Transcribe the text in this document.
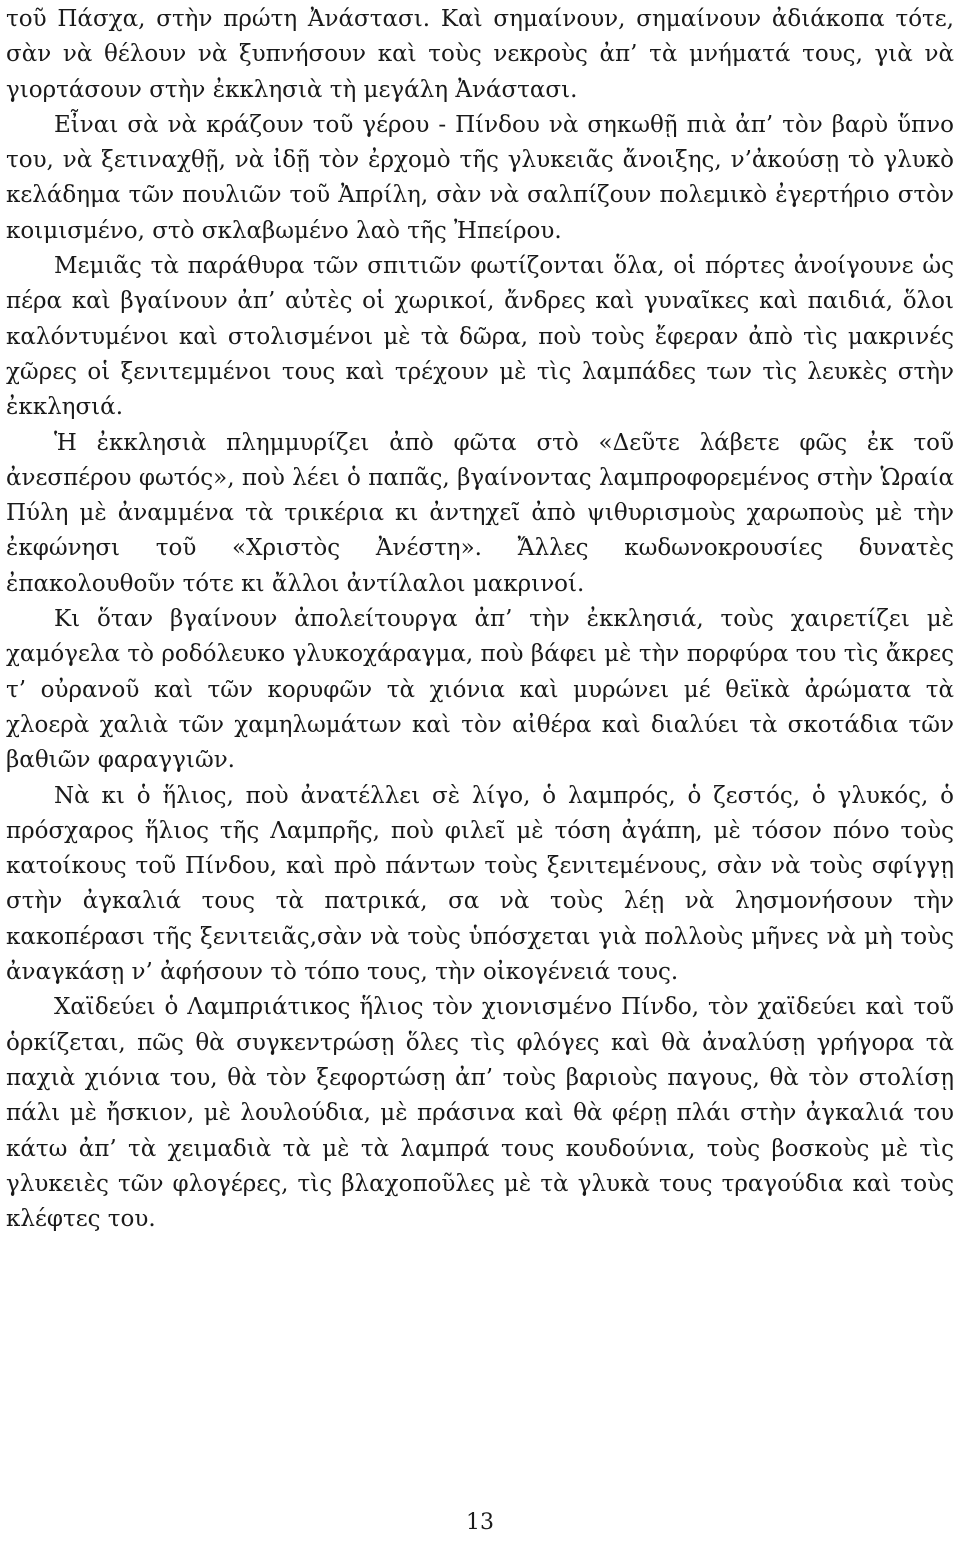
τοῦ Πάσχα, στὴν πρώτη Ἀνάστασι. Καὶ σημαίνουν, σημαίνουν ἀδιάκοπα τότε, σὰν νὰ θέλουν νὰ ξυπνήσουν καὶ τοὺς νεκροὺς ἀπ’ τὰ μνήματά τους, γιὰ νὰ γιορτάσουν στὴν ἐκκλησιὰ τὴ μεγάλη Ἀνάστασι.

Εἶναι σὰ νὰ κράζουν τοῦ γέρου - Πίνδου νὰ σηκωθῇ πιὰ ἀπ’ τὸν βαρὺ ὕπνο του, νὰ ξετιναχθῇ, νὰ ἰδῇ τὸν ἐρχομὸ τῆς γλυκειᾶς ἄνοιξης, ν’ἀκούσῃ τὸ γλυκὸ κελάδημα τῶν πουλιῶν τοῦ Ἀπρίλη, σὰν νὰ σαλπίζουν πολεμικὸ ἐγερτήριο στὸν κοιμισμένο, στὸ σκλαβωμένο λαὸ τῆς Ἠπείρου.

Μεμιᾶς τὰ παράθυρα τῶν σπιτιῶν φωτίζονται ὅλα, οἱ πόρτες ἀνοίγουνε ὡς πέρα καὶ βγαίνουν ἀπ’ αὐτὲς οἱ χωρικοί, ἄνδρες καὶ γυναῖκες καὶ παιδιά, ὅλοι καλόντυμένοι καὶ στολισμένοι μὲ τὰ δῶρα, ποὺ τοὺς ἔφεραν ἀπὸ τὶς μακρινές χῶρες οἱ ξενιτεμμένοι τους καὶ τρέχουν μὲ τὶς λαμπάδες των τὶς λευκὲς στὴν ἐκκλησιά.

Ἡ ἐκκλησιὰ πλημμυρίζει ἀπὸ φῶτα στὸ «Δεῦτε λάβετε φῶς ἐκ τοῦ ἀνεσπέρου φωτός», ποὺ λέει ὁ παπᾶς, βγαίνοντας λαμπροφορεμένος στὴν Ὡραία Πύλη μὲ ἀναμμένα τὰ τρικέρια κι ἀντηχεῖ ἀπὸ ψιθυρισμοὺς χαρωποὺς μὲ τὴν ἐκφώνησι τοῦ «Χριστὸς Ἀνέστη». Ἄλλες κωδωνοκρουσίες δυνατὲς ἐπακολουθοῦν τότε κι ἄλλοι ἀντίλαλοι μακρινοί.

Κι ὅταν βγαίνουν ἀπολείτουργα ἀπ’ τὴν ἐκκλησιά, τοὺς χαιρετίζει μὲ χαμόγελα τὸ ροδόλευκο γλυκοχάραγμα, ποὺ βάφει μὲ τὴν πορφύρα του τὶς ἄκρες τ’ οὐρανοῦ καὶ τῶν κορυφῶν τὰ χιόνια καὶ μυρώνει μέ θεϊκὰ ἀρώματα τὰ χλοερὰ χαλιὰ τῶν χαμηλωμάτων καὶ τὸν αἰθέρα καὶ διαλύει τὰ σκοτάδια τῶν βαθιῶν φαραγγιῶν.

Νὰ κι ὁ ἥλιος, ποὺ ἀνατέλλει σὲ λίγο, ὁ λαμπρός, ὁ ζεστός, ὁ γλυκός, ὁ πρόσχαρος ἥλιος τῆς Λαμπρῆς, ποὺ φιλεῖ μὲ τόση ἀγάπη, μὲ τόσον πόνο τοὺς κατοίκους τοῦ Πίνδου, καὶ πρὸ πάντων τοὺς ξενιτεμένους, σὰν νὰ τοὺς σφίγγῃ στὴν ἀγκαλιά τους τὰ πατρικά, σα νὰ τοὺς λέῃ νὰ λησμονήσουν τὴν κακοπέρασι τῆς ξενιτειᾶς,σὰν νὰ τοὺς ὑπόσχεται γιὰ πολλοὺς μῆνες νὰ μὴ τοὺς ἀναγκάσῃ ν’ ἀφήσουν τὸ τόπο τους, τὴν οἰκογένειά τους.

Χαϊδεύει ὁ Λαμπριάτικος ἥλιος τὸν χιονισμένο Πίνδο, τὸν χαϊδεύει καὶ τοῦ ὁρκίζεται, πῶς θὰ συγκεντρώσῃ ὅλες τὶς φλόγες καὶ θὰ ἀναλύσῃ γρήγορα τὰ παχιὰ χιόνια του, θὰ τὸν ξεφορτώσῃ ἀπ’ τοὺς βαριοὺς παγους, θὰ τὸν στολίσῃ πάλι μὲ ἤσκιον, μὲ λουλούδια, μὲ πράσινα καὶ θὰ φέρῃ πλάι στὴν ἀγκαλιά του κάτω ἀπ’ τὰ χειμαδιὰ τὰ μὲ τὰ λαμπρά τους κουδούνια, τοὺς βοσκοὺς μὲ τὶς γλυκειὲς τῶν φλογέρες, τὶς βλαχοποῦλες μὲ τὰ γλυκὰ τους τραγούδια καὶ τοὺς κλέφτες του.

13
